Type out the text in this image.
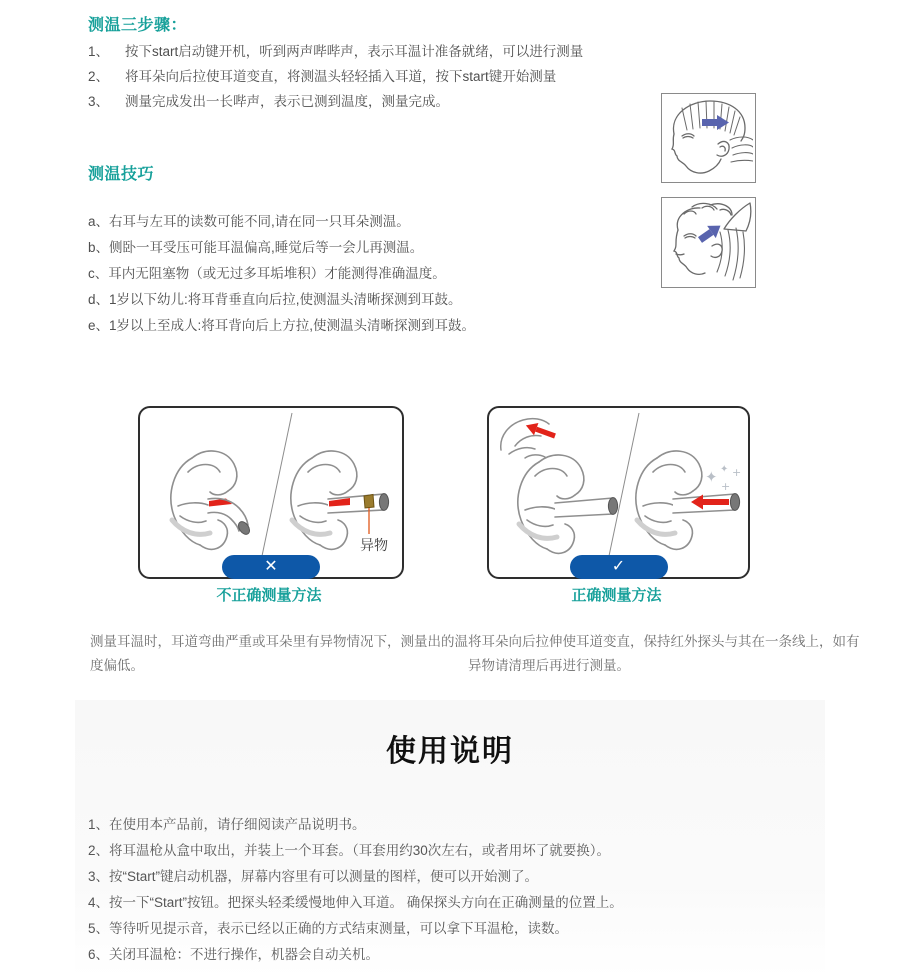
测温三步骤：
1、	按下start启动键开机，听到两声哔哔声，表示耳温计准备就绪，可以进行测量
2、	将耳朵向后拉使耳道变直，将测温头轻轻插入耳道，按下start键开始测量
3、	测量完成发出一长哔声，表示已测到温度，测量完成。
测温技巧
a、右耳与左耳的读数可能不同,请在同一只耳朵测温。
b、侧卧一耳受压可能耳温偏高,睡觉后等一会儿再测温。
c、耳内无阻塞物（或无过多耳垢堆积）才能测得准确温度。
d、1岁以下幼儿:将耳背垂直向后拉,使测温头清晰探测到耳鼓。
e、1岁以上至成人:将耳背向后上方拉,使测温头清晰探测到耳鼓。
异物
✕
不正确测量方法
✦ ✦
+
+
✓
正确测量方法
测量耳温时，耳道弯曲严重或耳朵里有异物情况下，测量出的温度偏低。
将耳朵向后拉伸使耳道变直，保持红外探头与其在一条线上，如有异物请清理后再进行测量。
使用说明
1、在使用本产品前，请仔细阅读产品说明书。
2、将耳温枪从盒中取出，并装上一个耳套。（耳套用约30次左右，或者用坏了就要换）。
3、按“Start”键启动机器，屏幕内容里有可以测量的图样，便可以开始测了。
4、按一下“Start”按钮。把探头轻柔缓慢地伸入耳道。 确保探头方向在正确测量的位置上。
5、等待听见提示音，表示已经以正确的方式结束测量，可以拿下耳温枪，读数。
6、关闭耳温枪：不进行操作，机器会自动关机。
